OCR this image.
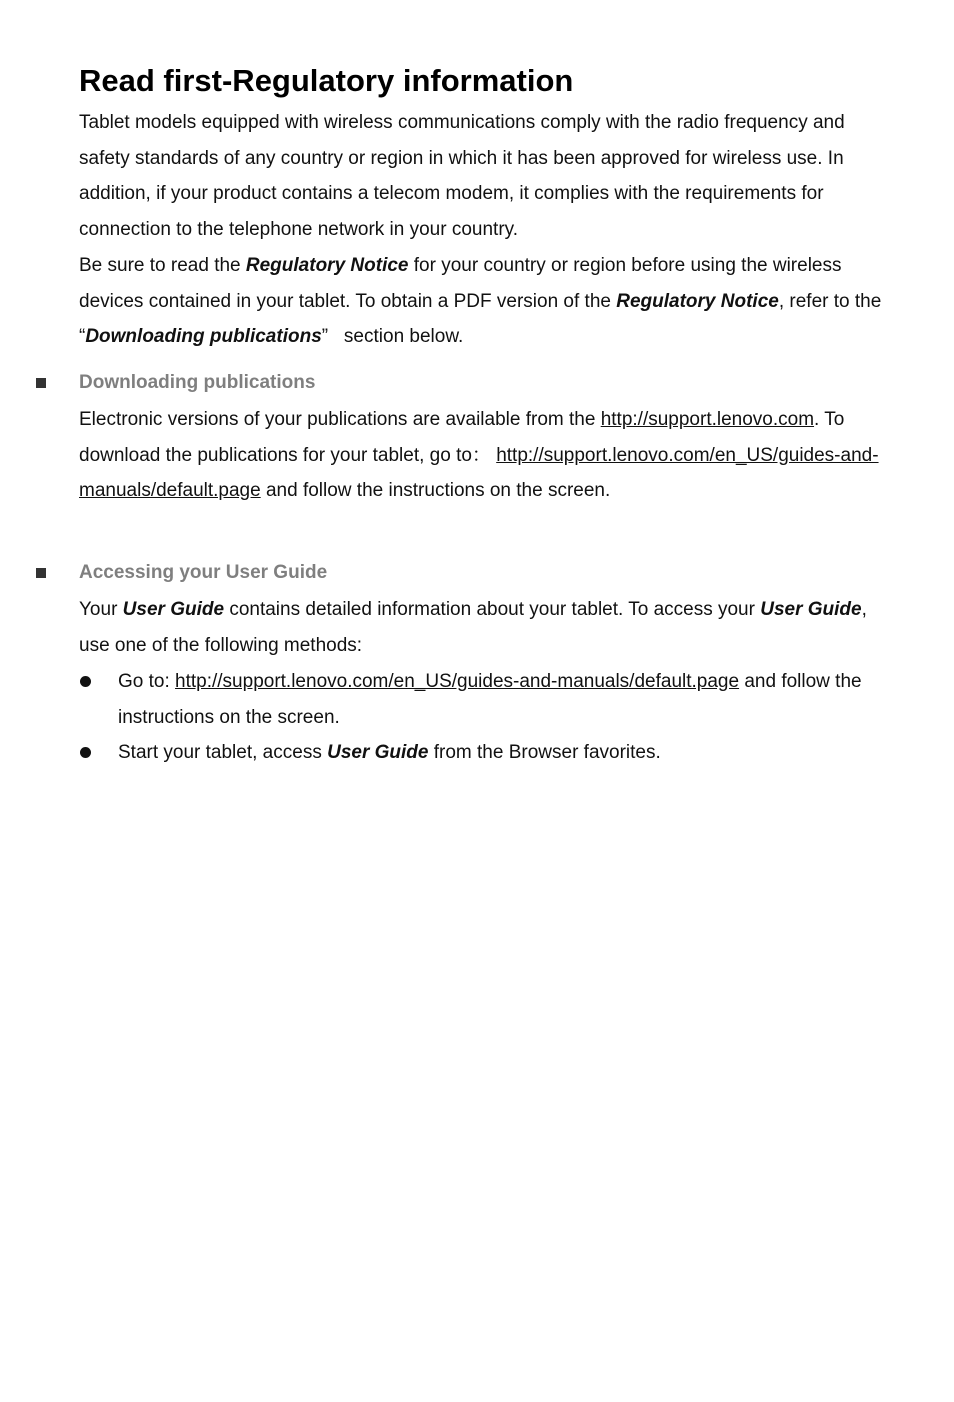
Read first-Regulatory information

Tablet models equipped with wireless communications comply with the radio frequency and safety standards of any country or region in which it has been approved for wireless use. In addition, if your product contains a telecom modem, it complies with the requirements for connection to the telephone network in your country.

Be sure to read the Regulatory Notice for your country or region before using the wireless devices contained in your tablet. To obtain a PDF version of the Regulatory Notice, refer to the   “Downloading publications”   section below.

Downloading publications

Electronic versions of your publications are available from the http://support.lenovo.com. To download the publications for your tablet, go to： http://support.lenovo.com/en_US/guides-and-manuals/default.page and follow the instructions on the screen.

Accessing your User Guide

Your User Guide contains detailed information about your tablet. To access your User Guide, use one of the following methods:

Go to: http://support.lenovo.com/en_US/guides-and-manuals/default.page and follow the instructions on the screen.

Start your tablet, access User Guide from the Browser favorites.
